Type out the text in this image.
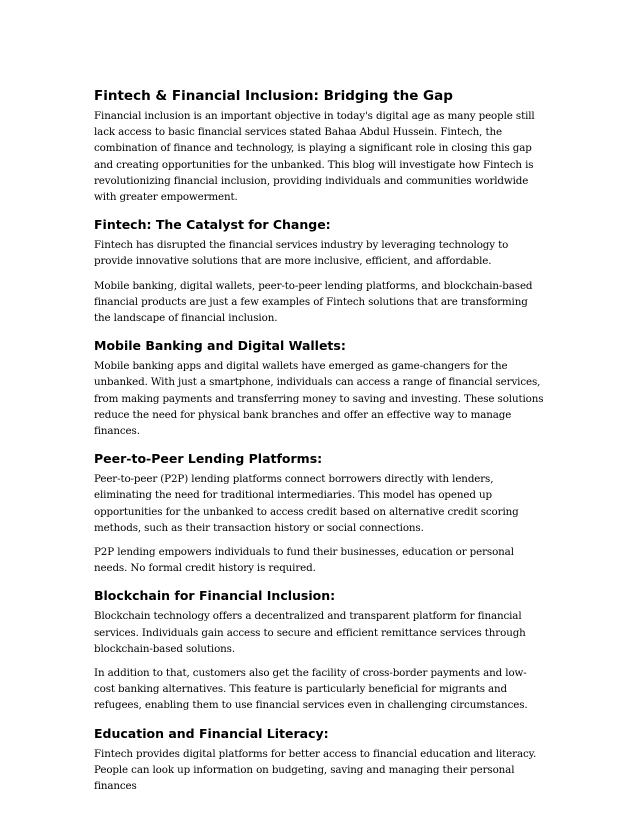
Fintech & Financial Inclusion: Bridging the Gap

Financial inclusion is an important objective in today's digital age as many people still lack access to basic financial services stated Bahaa Abdul Hussein. Fintech, the combination of finance and technology, is playing a significant role in closing this gap and creating opportunities for the unbanked. This blog will investigate how Fintech is revolutionizing financial inclusion, providing individuals and communities worldwide with greater empowerment.

Fintech: The Catalyst for Change:

Fintech has disrupted the financial services industry by leveraging technology to provide innovative solutions that are more inclusive, efficient, and affordable.

Mobile banking, digital wallets, peer-to-peer lending platforms, and blockchain-based financial products are just a few examples of Fintech solutions that are transforming the landscape of financial inclusion.

Mobile Banking and Digital Wallets:

Mobile banking apps and digital wallets have emerged as game-changers for the unbanked. With just a smartphone, individuals can access a range of financial services, from making payments and transferring money to saving and investing. These solutions reduce the need for physical bank branches and offer an effective way to manage finances.

Peer-to-Peer Lending Platforms:

Peer-to-peer (P2P) lending platforms connect borrowers directly with lenders, eliminating the need for traditional intermediaries. This model has opened up opportunities for the unbanked to access credit based on alternative credit scoring methods, such as their transaction history or social connections.

P2P lending empowers individuals to fund their businesses, education or personal needs. No formal credit history is required.

Blockchain for Financial Inclusion:

Blockchain technology offers a decentralized and transparent platform for financial services. Individuals gain access to secure and efficient remittance services through blockchain-based solutions.

In addition to that, customers also get the facility of cross-border payments and low-cost banking alternatives. This feature is particularly beneficial for migrants and refugees, enabling them to use financial services even in challenging circumstances.

Education and Financial Literacy:

Fintech provides digital platforms for better access to financial education and literacy. People can look up information on budgeting, saving and managing their personal finances
